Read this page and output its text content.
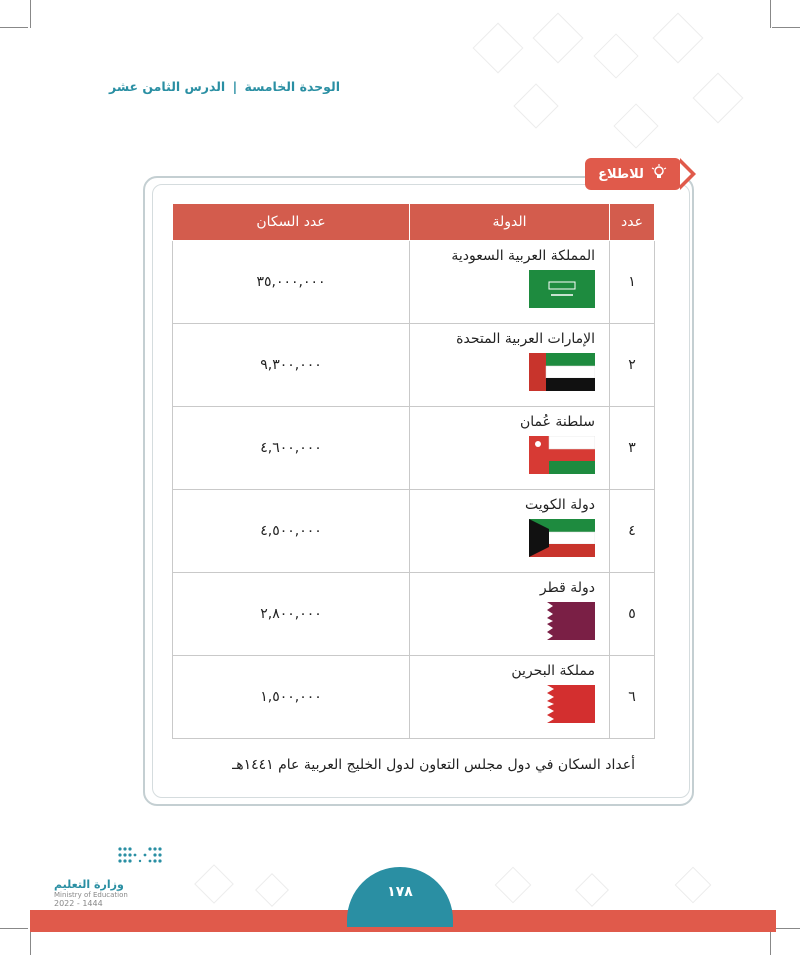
الوحدة الخامسة | الدرس الثامن عشر
للاطلاع
عدد	الدولة	عدد السكان
١	المملكة العربية السعودية	٣٥,٠٠٠,٠٠٠
٢	الإمارات العربية المتحدة	٩,٣٠٠,٠٠٠
٣	سلطنة عُمان	٤,٦٠٠,٠٠٠
٤	دولة الكويت	٤,٥٠٠,٠٠٠
٥	دولة قطر	٢,٨٠٠,٠٠٠
٦	مملكة البحرين	١,٥٠٠,٠٠٠
أعداد السكان في دول مجلس التعاون لدول الخليج العربية عام ١٤٤١هـ
١٧٨
وزارة التعليم
Ministry of Education
2022 - 1444
